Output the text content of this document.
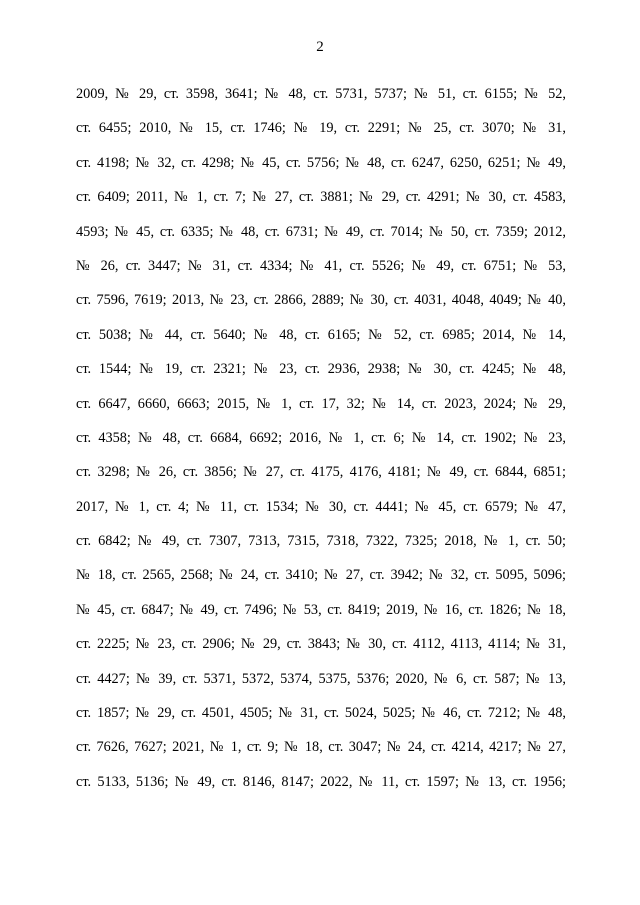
2
2009, № 29, ст. 3598, 3641; № 48, ст. 5731, 5737; № 51, ст. 6155; № 52,
ст. 6455; 2010, № 15, ст. 1746; № 19, ст. 2291; № 25, ст. 3070; № 31,
ст. 4198; № 32, ст. 4298; № 45, ст. 5756; № 48, ст. 6247, 6250, 6251; № 49,
ст. 6409; 2011, № 1, ст. 7; № 27, ст. 3881; № 29, ст. 4291; № 30, ст. 4583,
4593; № 45, ст. 6335; № 48, ст. 6731; № 49, ст. 7014; № 50, ст. 7359; 2012,
№ 26, ст. 3447; № 31, ст. 4334; № 41, ст. 5526; № 49, ст. 6751; № 53,
ст. 7596, 7619; 2013, № 23, ст. 2866, 2889; № 30, ст. 4031, 4048, 4049; № 40,
ст. 5038; № 44, ст. 5640; № 48, ст. 6165; № 52, ст. 6985; 2014, № 14,
ст. 1544; № 19, ст. 2321; № 23, ст. 2936, 2938; № 30, ст. 4245; № 48,
ст. 6647, 6660, 6663; 2015, № 1, ст. 17, 32; № 14, ст. 2023, 2024; № 29,
ст. 4358; № 48, ст. 6684, 6692; 2016, № 1, ст. 6; № 14, ст. 1902; № 23,
ст. 3298; № 26, ст. 3856; № 27, ст. 4175, 4176, 4181; № 49, ст. 6844, 6851;
2017, № 1, ст. 4; № 11, ст. 1534; № 30, ст. 4441; № 45, ст. 6579; № 47,
ст. 6842; № 49, ст. 7307, 7313, 7315, 7318, 7322, 7325; 2018, № 1, ст. 50;
№ 18, ст. 2565, 2568; № 24, ст. 3410; № 27, ст. 3942; № 32, ст. 5095, 5096;
№ 45, ст. 6847; № 49, ст. 7496; № 53, ст. 8419; 2019, № 16, ст. 1826; № 18,
ст. 2225; № 23, ст. 2906; № 29, ст. 3843; № 30, ст. 4112, 4113, 4114; № 31,
ст. 4427; № 39, ст. 5371, 5372, 5374, 5375, 5376; 2020, № 6, ст. 587; № 13,
ст. 1857; № 29, ст. 4501, 4505; № 31, ст. 5024, 5025; № 46, ст. 7212; № 48,
ст. 7626, 7627; 2021, № 1, ст. 9; № 18, ст. 3047; № 24, ст. 4214, 4217; № 27,
ст. 5133, 5136; № 49, ст. 8146, 8147; 2022, № 11, ст. 1597; № 13, ст. 1956;
